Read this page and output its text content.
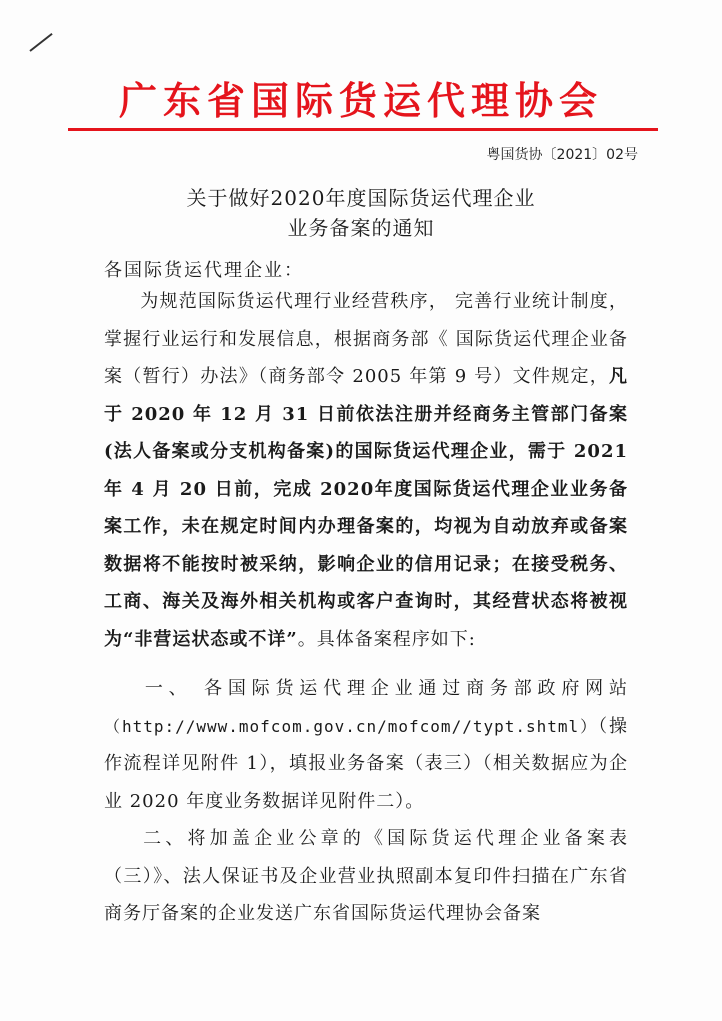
广东省国际货运代理协会
粤国货协〔2021〕02号
关于做好2020年度国际货运代理企业
业务备案的通知
各国际货运代理企业：
为规范国际货运代理行业经营秩序， 完善行业统计制度，掌握行业运行和发展信息，根据商务部《 国际货运代理企业备案（暂行）办法》（商务部令 2005 年第 9 号）文件规定，凡于 2020 年 12 月 31 日前依法注册并经商务主管部门备案(法人备案或分支机构备案)的国际货运代理企业，需于 2021 年 4 月 20 日前，完成 2020年度国际货运代理企业业务备案工作，未在规定时间内办理备案的，均视为自动放弃或备案数据将不能按时被采纳，影响企业的信用记录；在接受税务、工商、海关及海外相关机构或客户查询时，其经营状态将被视为“非营运状态或不详”。具体备案程序如下:
一、 各国际货运代理企业通过商务部政府网站（http://www.mofcom.gov.cn/mofcom//typt.shtml）（操作流程详见附件 1），填报业务备案（表三）（相关数据应为企业 2020 年度业务数据详见附件二）。
二、将加盖企业公章的《国际货运代理企业备案表（三）》、法人保证书及企业营业执照副本复印件扫描在广东省商务厅备案的企业发送广东省国际货运代理协会备案
